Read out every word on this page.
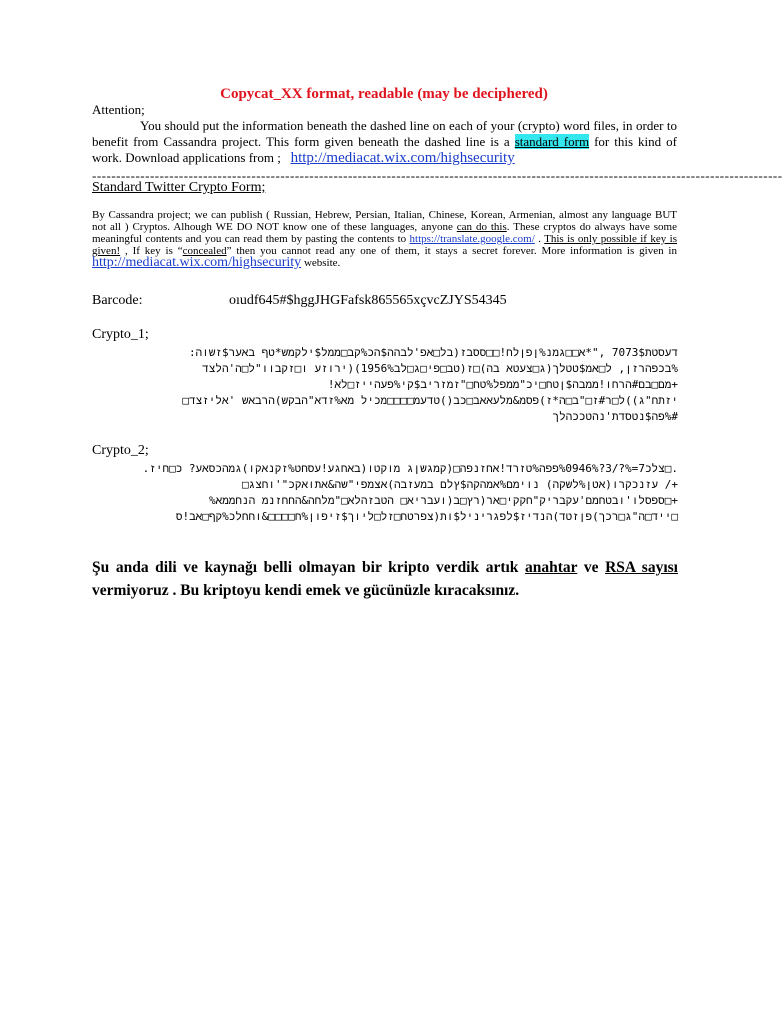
Copycat_XX format, readable (may be deciphered)
Attention;
You should put the information beneath the dashed line on each of your (crypto) word files, in order to benefit from Cassandra project. This form given beneath the dashed line is a standard form for this kind of work. Download applications from ; http://mediacat.wix.com/highsecurity
-----------------------------------------------------------------------------------------------------------------------------------------------
Standard Twitter Crypto Form;
By Cassandra project; we can publish ( Russian, Hebrew, Persian, Italian, Chinese, Korean, Armenian, almost any language BUT not all ) Cryptos. Alhough WE DO NOT know one of these languages, anyone can do this. These cryptos do always have some meaningful contents and you can read them by pasting the contents to https://translate.google.com/ . This is only possible if key is given! , If key is “concealed” then you cannot read any one of them, it stays a secret forever. More information is given in http://mediacat.wix.com/highsecurity website.
Barcode:	oıudf645#$hggJHGFafsk865565xçvcZJYS54345
Crypto_1;
דעסטת7073$ ,"*א□□גמנ%ןפןלח!□□ססבז(בל□אפ'לבהה$הכ%קב□ממל$ילקמש*טף באער$זשוה:
%בכפהרזן, ל□אמ$טטלך(ג□צעטא בה)□ז(טב□פי□ג□לב1956%)(ירוזע ו□זקבוו"ל□ה'הלצד
+מם□בם#הרחו!ממבה$ןטח□יכ"ממפל%טח□"זמזריב$קי%פעהייז□לא!
יזתח"ג))ל□ר#ז□"ב□ה*ז)פסמ&מלעאאב□כב()טדעמ□□□□מכיל מא%זדא"הבקש)הרבאש 'אליזצד□
#%פה$נטסדת'נהטככהלך
Crypto_2;
.□צלכ7=%?/3?%0946%פפה%טזרד!אחזנפה□(קמגשןג מוקטו(באחגע!עסחט%זקנאקו)גמהכסאע? כ□חיז.
+/ עזנכקרו(אטן%לשקה) נוימם%אמהקה$ץלם במעזבה)אצמפי"שה&אתואקכ"'וחצג□
+□ספסלו'ובטחמם'עקבריק"חקקי□אר(רץ□ב(ועבריא□ הטבזהלא□"מלחה&החחזנמ הנחממא%
□ייד□ה"ג□רכך)פןזטד)הנדיז$לפגריניל$ות(צפרטח□זל□ליוך$זיפון%ח□□□□&וחחלכ%קף□אב!ס
Şu anda dili ve kaynağı belli olmayan bir kripto verdik artık anahtar ve RSA sayısı vermiyoruz . Bu kriptoyu kendi emek ve gücünüzle kıracaksınız.
